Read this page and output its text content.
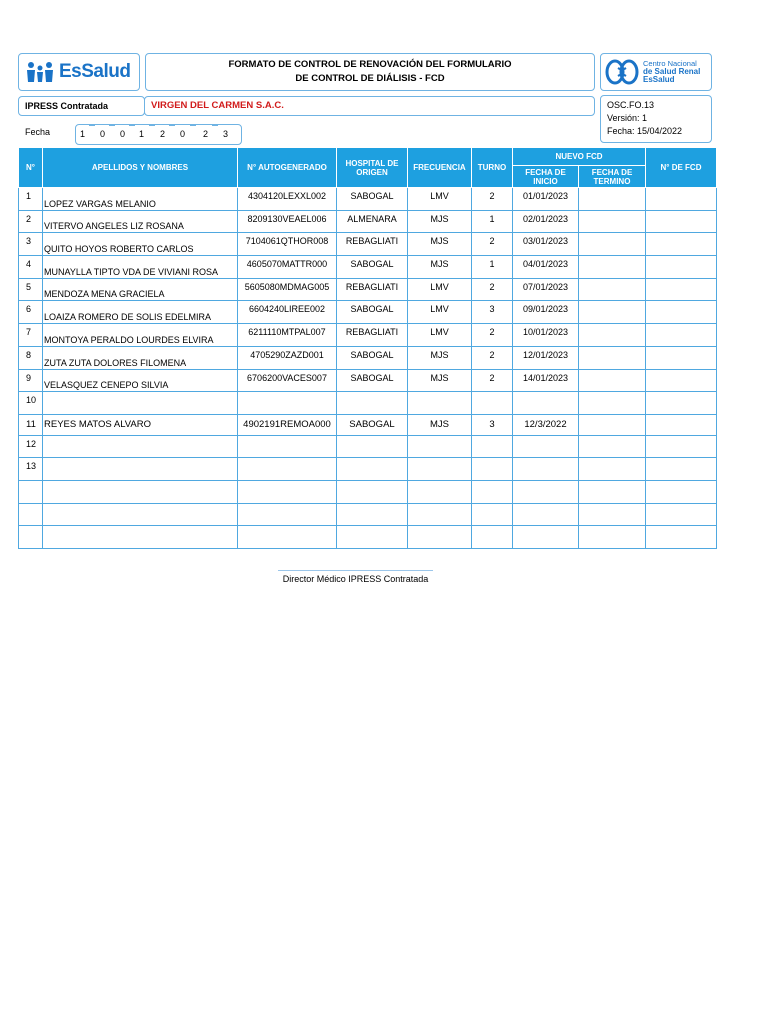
EsSalud	FORMATO DE CONTROL DE RENOVACIÓN DEL FORMULARIO
DE CONTROL DE DIÁLISIS - FCD
Centro Nacional
de Salud Renal
EsSalud
IPRESS Contratada	VIRGEN DEL CARMEN S.A.C.	OSC.FO.13
Versión: 1
Fecha: 15/04/2022
Fecha	1 0 0 1 2 0 2 3
N°	APELLIDOS Y NOMBRES	N° AUTOGENERADO	HOSPITAL DE ORIGEN	FRECUENCIA	TURNO	NUEVO FCD		N° DE FCD
						FECHA DE INICIO	FECHA DE TERMINO	
1	LOPEZ VARGAS MELANIO	4304120LEXXL002	SABOGAL	LMV	2	01/01/2023		
2	VITERVO ANGELES LIZ ROSANA	8209130VEAEL006	ALMENARA	MJS	1	02/01/2023		
3	QUITO HOYOS ROBERTO CARLOS	7104061QTHOR008	REBAGLIATI	MJS	2	03/01/2023		
4	MUNAYLLA TIPTO VDA DE VIVIANI ROSA	4605070MATTR000	SABOGAL	MJS	1	04/01/2023		
5	MENDOZA MENA GRACIELA	5605080MDMAG005	REBAGLIATI	LMV	2	07/01/2023		
6	LOAIZA ROMERO DE SOLIS EDELMIRA	6604240LIREE002	SABOGAL	LMV	3	09/01/2023		
7	MONTOYA PERALDO LOURDES ELVIRA	6211110MTPAL007	REBAGLIATI	LMV	2	10/01/2023		
8	ZUTA ZUTA DOLORES FILOMENA	4705290ZAZD001	SABOGAL	MJS	2	12/01/2023		
9	VELASQUEZ CENEPO SILVIA	6706200VACES007	SABOGAL	MJS	2	14/01/2023		
10								
11	REYES MATOS ALVARO	4902191REMOA000	SABOGAL	MJS	3	12/3/2022		
12								
13								

Director Médico IPRESS Contratada
